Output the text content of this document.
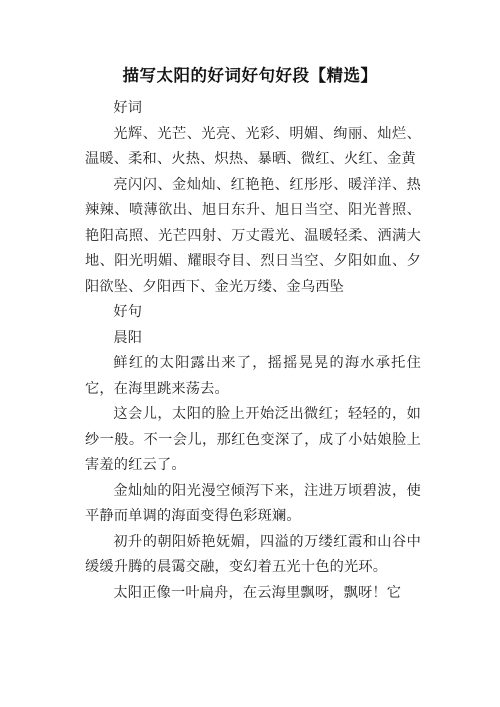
描写太阳的好词好句好段【精选】

好词

光辉、光芒、光亮、光彩、明媚、绚丽、灿烂、温暖、柔和、火热、炽热、暴晒、微红、火红、金黄

亮闪闪、金灿灿、红艳艳、红彤彤、暖洋洋、热辣辣、喷薄欲出、旭日东升、旭日当空、阳光普照、艳阳高照、光芒四射、万丈霞光、温暖轻柔、洒满大地、阳光明媚、耀眼夺目、烈日当空、夕阳如血、夕阳欲坠、夕阳西下、金光万缕、金乌西坠

好句

晨阳

鲜红的太阳露出来了，摇摇晃晃的海水承托住它，在海里跳来荡去。

这会儿，太阳的脸上开始泛出微红；轻轻的，如纱一般。不一会儿，那红色变深了，成了小姑娘脸上害羞的红云了。

金灿灿的阳光漫空倾泻下来，注进万顷碧波，使平静而单调的海面变得色彩斑斓。

初升的朝阳娇艳妩媚，四溢的万缕红霞和山谷中缓缓升腾的晨霭交融，变幻着五光十色的光环。

太阳正像一叶扁舟，在云海里飘呀，飘呀！它
